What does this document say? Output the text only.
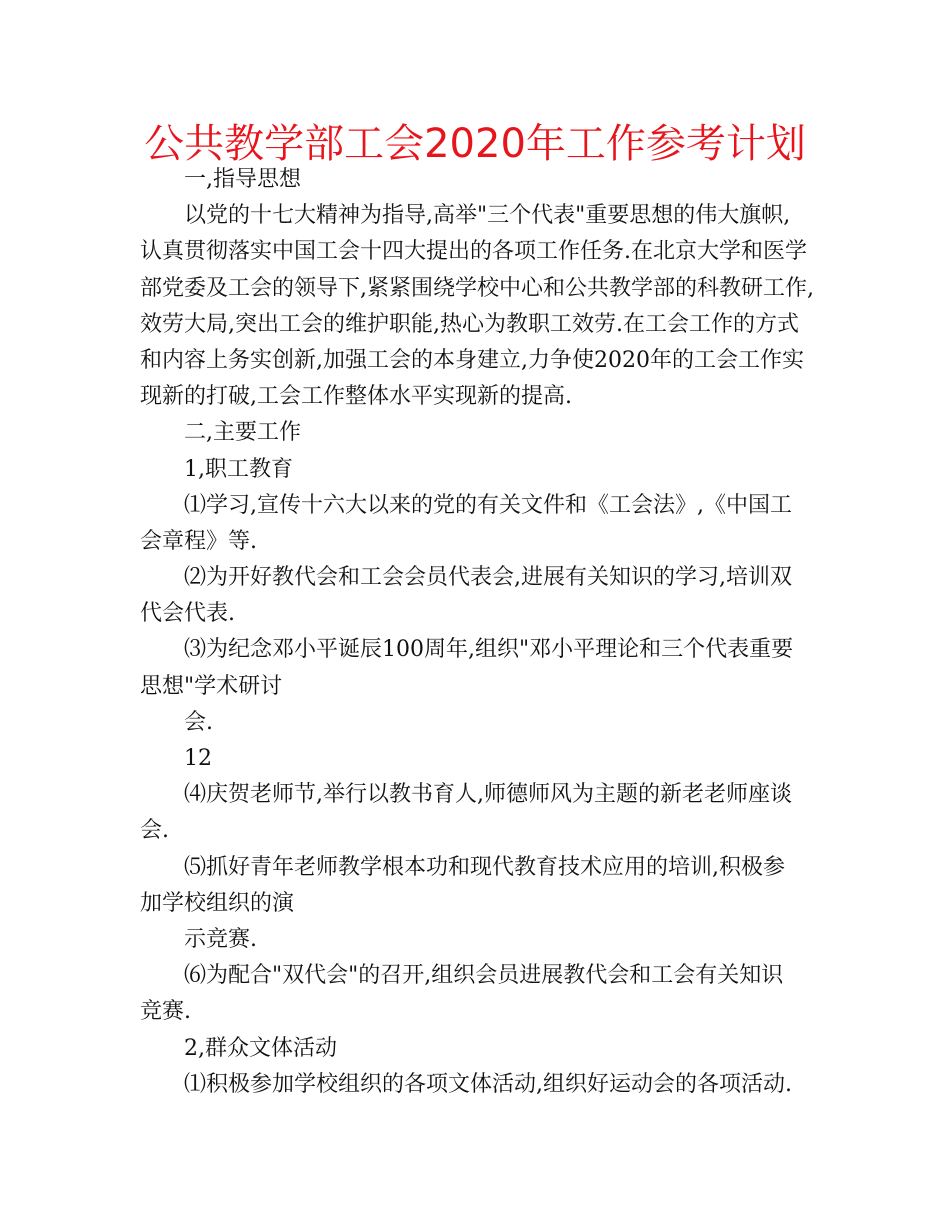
公共教学部工会2020年工作参考计划
一,指导思想
以党的十七大精神为指导,高举"三个代表"重要思想的伟大旗帜,
认真贯彻落实中国工会十四大提出的各项工作任务.在北京大学和医学
部党委及工会的领导下,紧紧围绕学校中心和公共教学部的科教研工作,
效劳大局,突出工会的维护职能,热心为教职工效劳.在工会工作的方式
和内容上务实创新,加强工会的本身建立,力争使2020年的工会工作实
现新的打破,工会工作整体水平实现新的提高.
二,主要工作
1,职工教育
⑴学习,宣传十六大以来的党的有关文件和《工会法》,《中国工
会章程》等.
⑵为开好教代会和工会会员代表会,进展有关知识的学习,培训双
代会代表.
⑶为纪念邓小平诞辰100周年,组织"邓小平理论和三个代表重要
思想"学术研讨
会.
12
⑷庆贺老师节,举行以教书育人,师德师风为主题的新老老师座谈
会.
⑸抓好青年老师教学根本功和现代教育技术应用的培训,积极参
加学校组织的演
示竞赛.
⑹为配合"双代会"的召开,组织会员进展教代会和工会有关知识
竞赛.
2,群众文体活动
⑴积极参加学校组织的各项文体活动,组织好运动会的各项活动.
